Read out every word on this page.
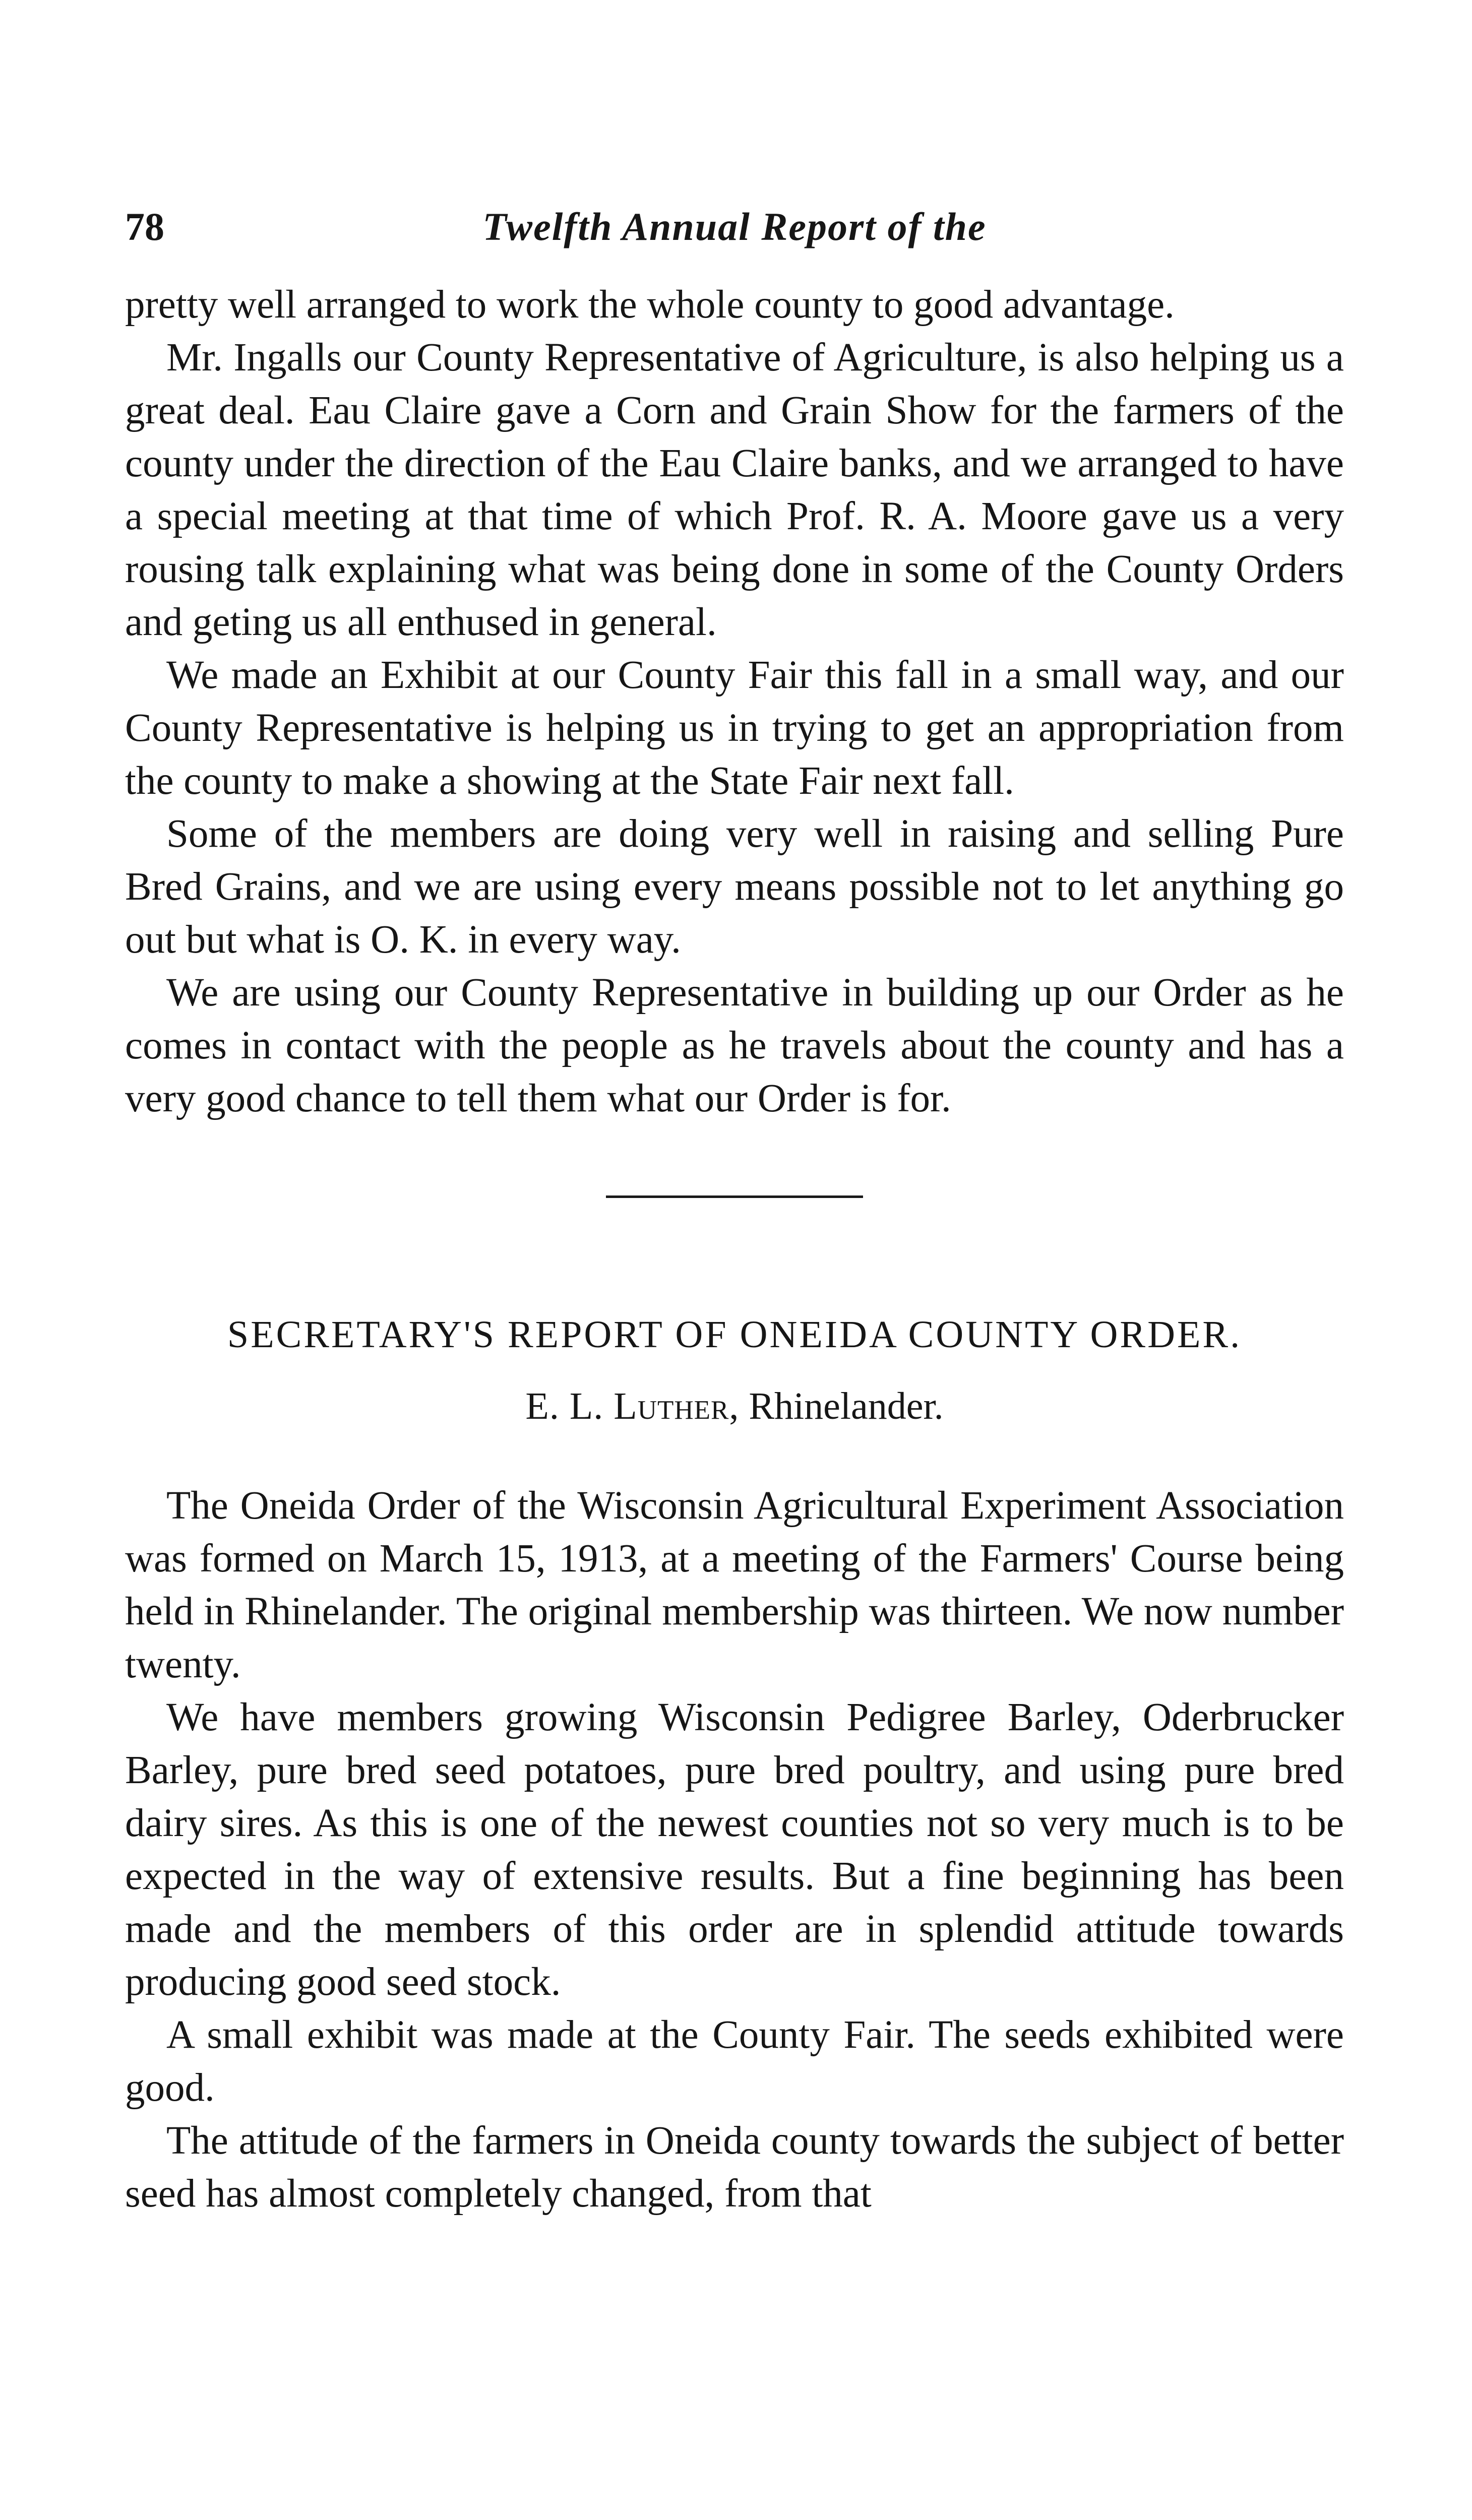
78	Twelfth Annual Report of the

pretty well arranged to work the whole county to good advantage.

Mr. Ingalls our County Representative of Agriculture, is also helping us a great deal. Eau Claire gave a Corn and Grain Show for the farmers of the county under the direction of the Eau Claire banks, and we arranged to have a special meeting at that time of which Prof. R. A. Moore gave us a very rousing talk explaining what was being done in some of the County Orders and geting us all enthused in general.

We made an Exhibit at our County Fair this fall in a small way, and our County Representative is helping us in trying to get an appropriation from the county to make a showing at the State Fair next fall.

Some of the members are doing very well in raising and selling Pure Bred Grains, and we are using every means possible not to let anything go out but what is O. K. in every way.

We are using our County Representative in building up our Order as he comes in contact with the people as he travels about the county and has a very good chance to tell them what our Order is for.

SECRETARY'S REPORT OF ONEIDA COUNTY ORDER.
E. L. Luther, Rhinelander.

The Oneida Order of the Wisconsin Agricultural Experiment Association was formed on March 15, 1913, at a meeting of the Farmers' Course being held in Rhinelander. The original membership was thirteen. We now number twenty.

We have members growing Wisconsin Pedigree Barley, Oderbrucker Barley, pure bred seed potatoes, pure bred poultry, and using pure bred dairy sires. As this is one of the newest counties not so very much is to be expected in the way of extensive results. But a fine beginning has been made and the members of this order are in splendid attitude towards producing good seed stock.

A small exhibit was made at the County Fair. The seeds exhibited were good.

The attitude of the farmers in Oneida county towards the subject of better seed has almost completely changed, from that
